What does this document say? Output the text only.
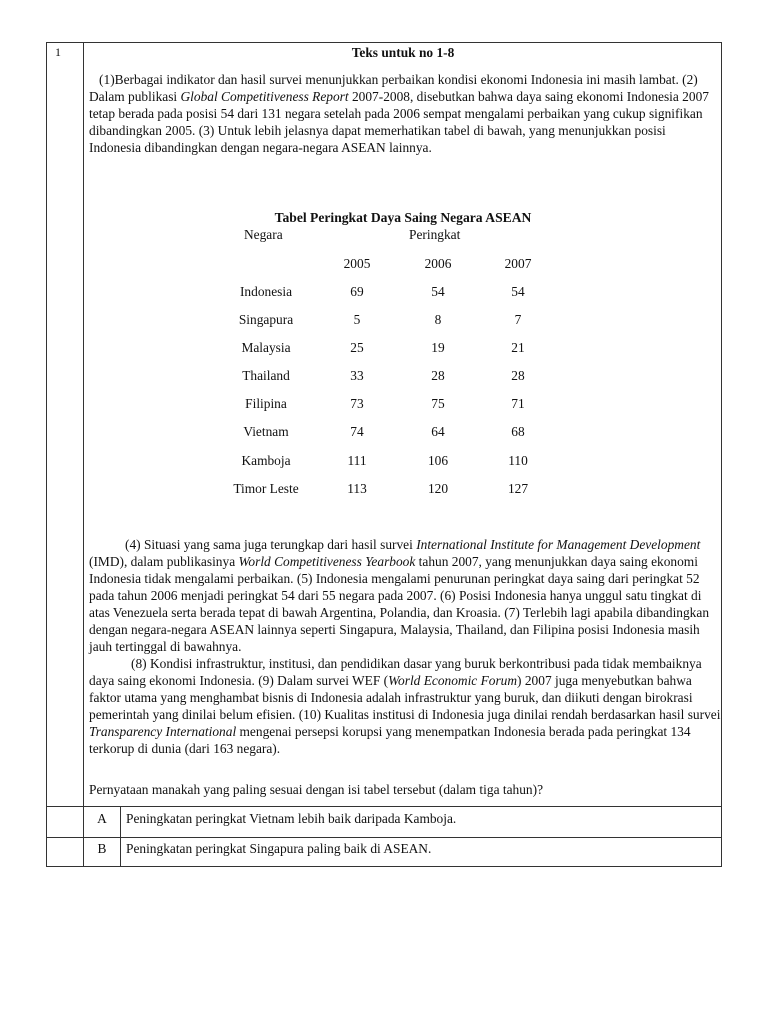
1	Teks untuk no 1-8

(1)Berbagai indikator dan hasil survei menunjukkan perbaikan kondisi ekonomi Indonesia ini masih lambat. (2) Dalam publikasi Global Competitiveness Report 2007-2008, disebutkan bahwa daya saing ekonomi Indonesia 2007 tetap berada pada posisi 54 dari 131 negara setelah pada 2006 sempat mengalami perbaikan yang cukup signifikan dibandingkan 2005. (3) Untuk lebih jelasnya dapat memerhatikan tabel di bawah, yang menunjukkan posisi Indonesia dibandingkan dengan negara-negara ASEAN lainnya.

Tabel Peringkat Daya Saing Negara ASEAN
Negara	Peringkat
2005	2006	2007
Indonesia	69	54	54
Singapura	5	8	7
Malaysia	25	19	21
Thailand	33	28	28
Filipina	73	75	71
Vietnam	74	64	68
Kamboja	111	106	110
Timor Leste	113	120	127

(4) Situasi yang sama juga terungkap dari hasil survei International Institute for Management Development (IMD), dalam publikasinya World Competitiveness Yearbook tahun 2007, yang menunjukkan daya saing ekonomi Indonesia tidak mengalami perbaikan. (5) Indonesia mengalami penurunan peringkat daya saing dari peringkat 52 pada tahun 2006 menjadi peringkat 54 dari 55 negara pada 2007. (6) Posisi Indonesia hanya unggul satu tingkat di atas Venezuela serta berada tepat di bawah Argentina, Polandia, dan Kroasia. (7) Terlebih lagi apabila dibandingkan dengan negara-negara ASEAN lainnya seperti Singapura, Malaysia, Thailand, dan Filipina posisi Indonesia masih jauh tertinggal di bawahnya.
(8) Kondisi infrastruktur, institusi, dan pendidikan dasar yang buruk berkontribusi pada tidak membaiknya daya saing ekonomi Indonesia. (9) Dalam survei WEF (World Economic Forum) 2007 juga menyebutkan bahwa faktor utama yang menghambat bisnis di Indonesia adalah infrastruktur yang buruk, dan diikuti dengan birokrasi pemerintah yang dinilai belum efisien. (10) Kualitas institusi di Indonesia juga dinilai rendah berdasarkan hasil survei Transparency International mengenai persepsi korupsi yang menempatkan Indonesia berada pada peringkat 134 terkorup di dunia (dari 163 negara).

Pernyataan manakah yang paling sesuai dengan isi tabel tersebut (dalam tiga tahun)?

A	Peningkatan peringkat Vietnam lebih baik daripada Kamboja.
B	Peningkatan peringkat Singapura paling baik di ASEAN.
